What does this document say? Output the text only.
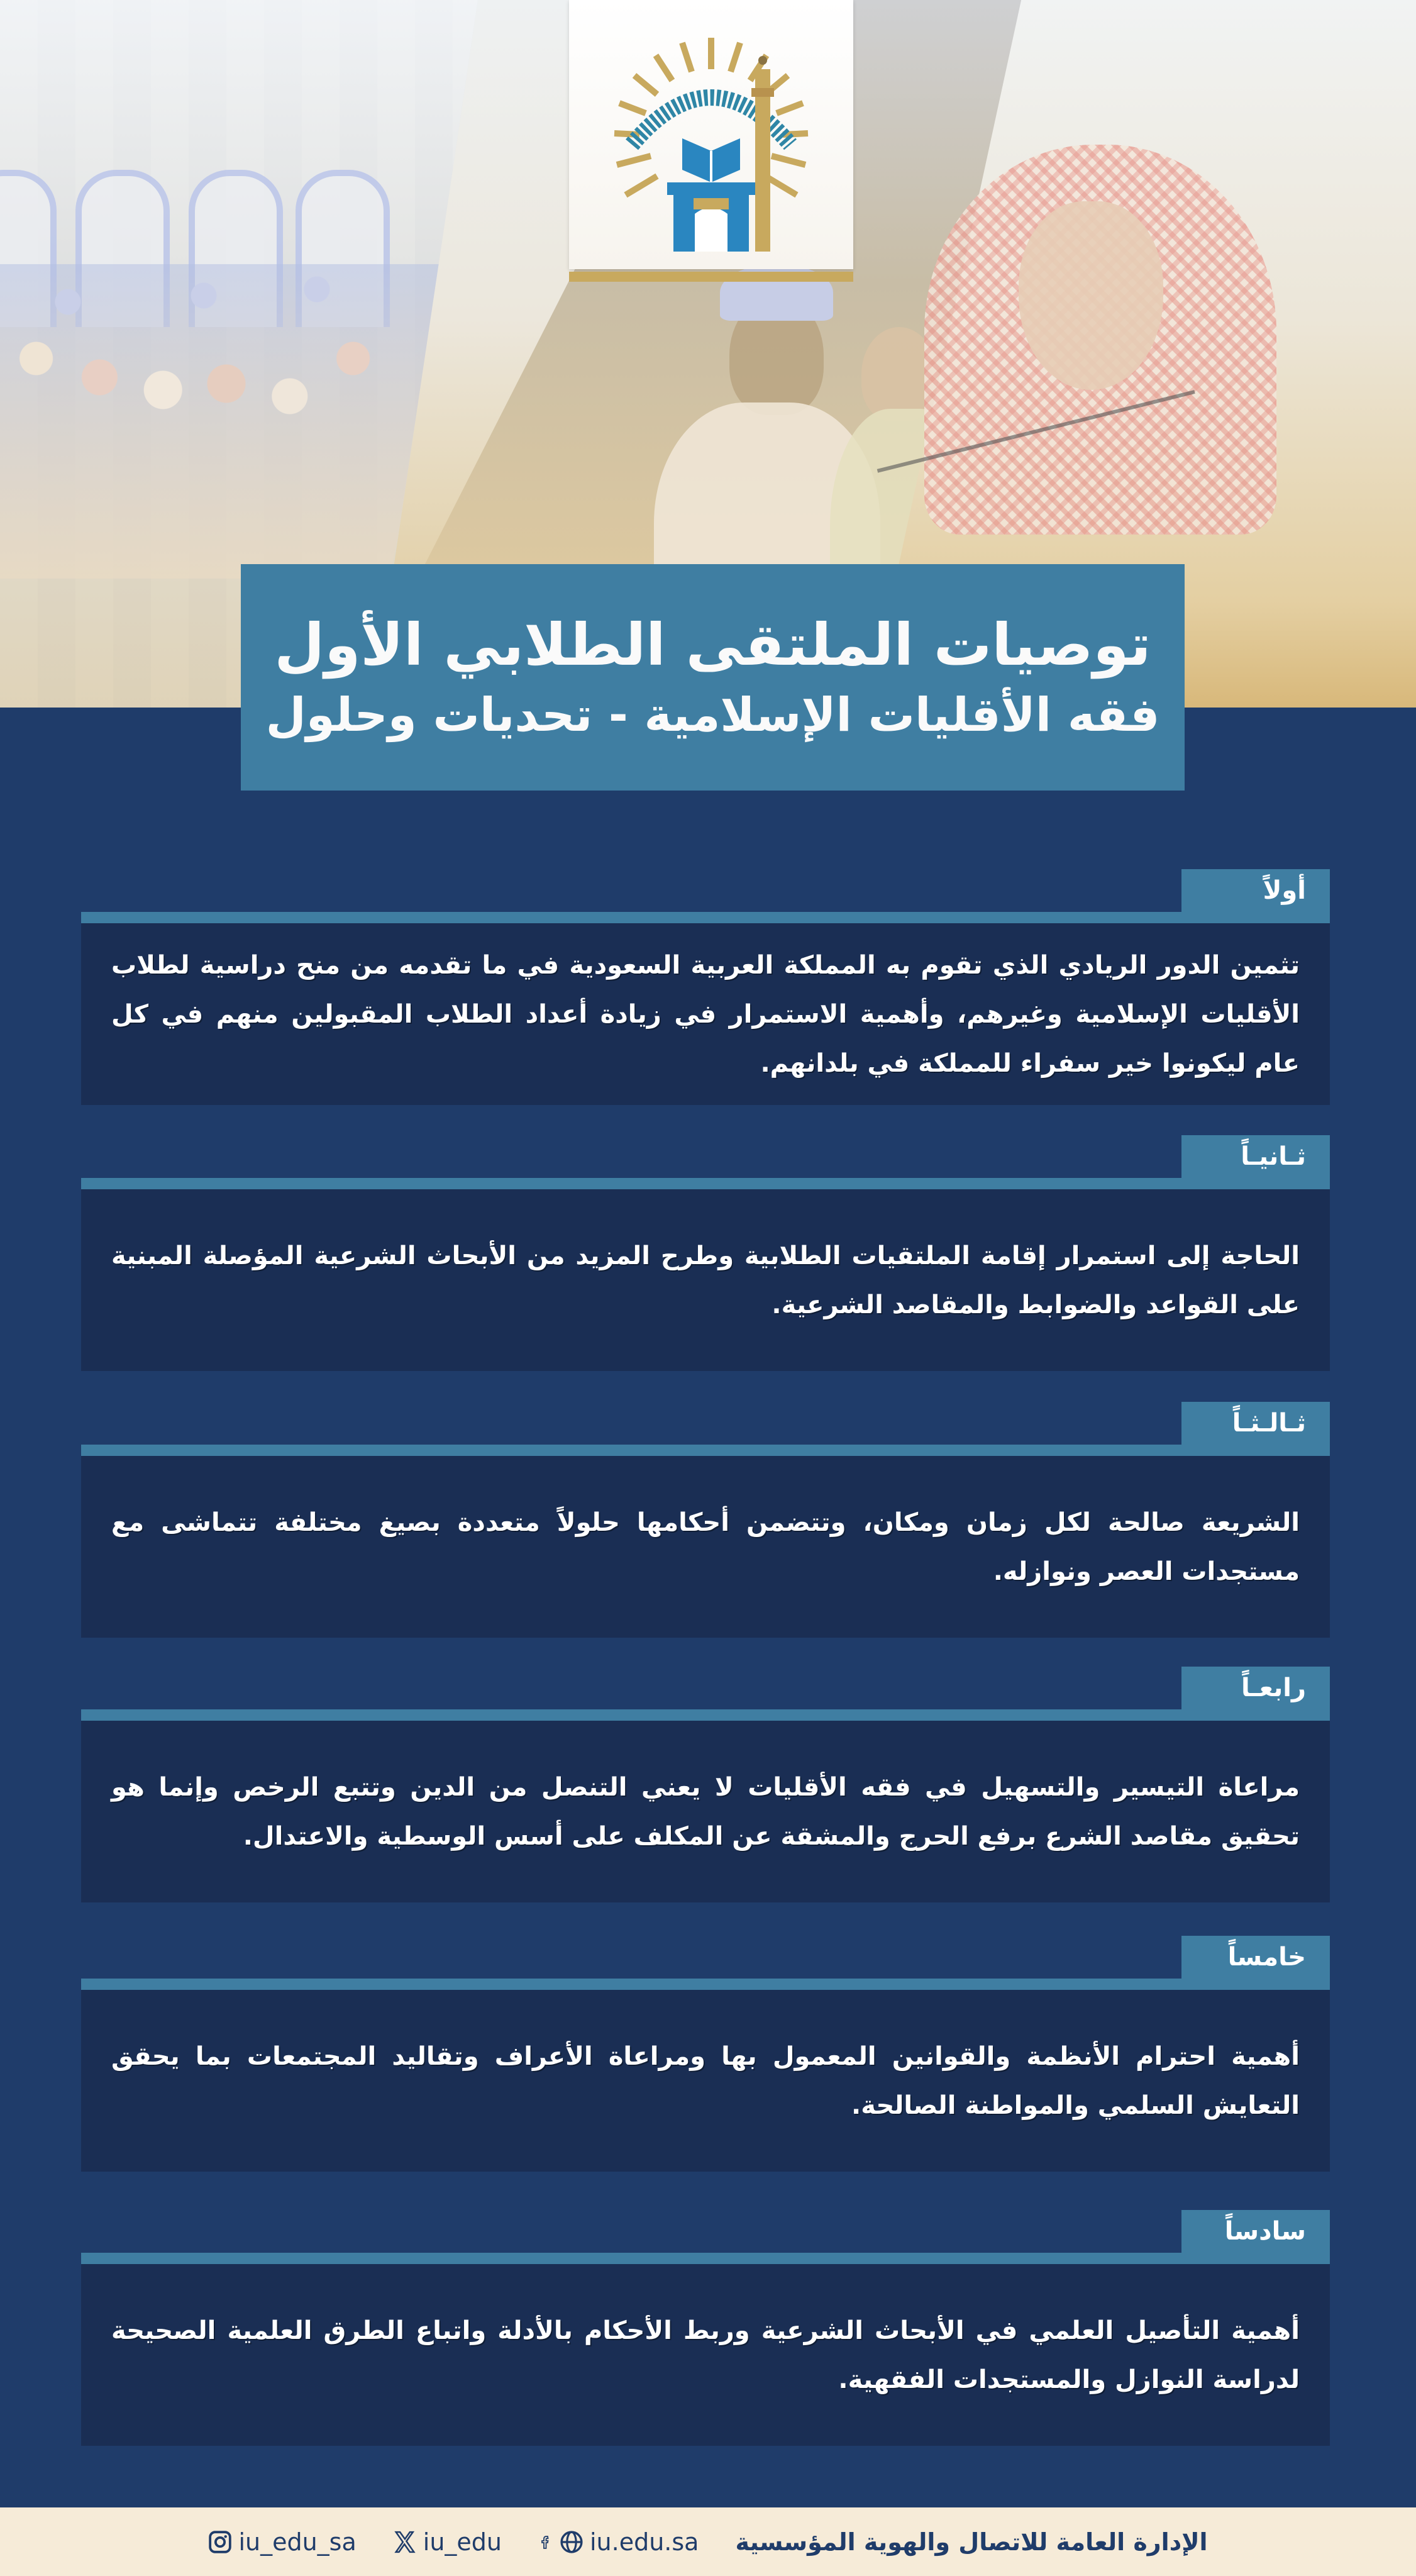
توصيات الملتقى الطلابي الأول
فقه الأقليات الإسلامية - تحديات وحلول
أولاً
تثمين الدور الريادي الذي تقوم به المملكة العربية السعودية في ما تقدمه من منح دراسية لطلاب الأقليات الإسلامية وغيرهم، وأهمية الاستمرار في زيادة أعداد الطلاب المقبولين منهم في كل عام ليكونوا خير سفراء للمملكة في بلدانهم.
ثـانيـاً
الحاجة إلى استمرار إقامة الملتقيات الطلابية وطرح المزيد من الأبحاث الشرعية المؤصلة المبنية على القواعد والضوابط والمقاصد الشرعية.
ثـالـثـاً
الشريعة صالحة لكل زمان ومكان، وتتضمن أحكامها حلولاً متعددة بصيغ مختلفة تتماشى مع مستجدات العصر ونوازله.
رابعـاً
مراعاة التيسير والتسهيل في فقه الأقليات لا يعني التنصل من الدين وتتبع الرخص وإنما هو تحقيق مقاصد الشرع برفع الحرج والمشقة عن المكلف على أسس الوسطية والاعتدال.
خامساً
أهمية احترام الأنظمة والقوانين المعمول بها ومراعاة الأعراف وتقاليد المجتمعات بما يحقق التعايش السلمي والمواطنة الصالحة.
سادساً
أهمية التأصيل العلمي في الأبحاث الشرعية وربط الأحكام بالأدلة واتباع الطرق العلمية الصحيحة لدراسة النوازل والمستجدات الفقهية.
iu_edu_sa	iu_edu	iu.edu.sa الإدارة العامة للاتصال والهوية المؤسسية
